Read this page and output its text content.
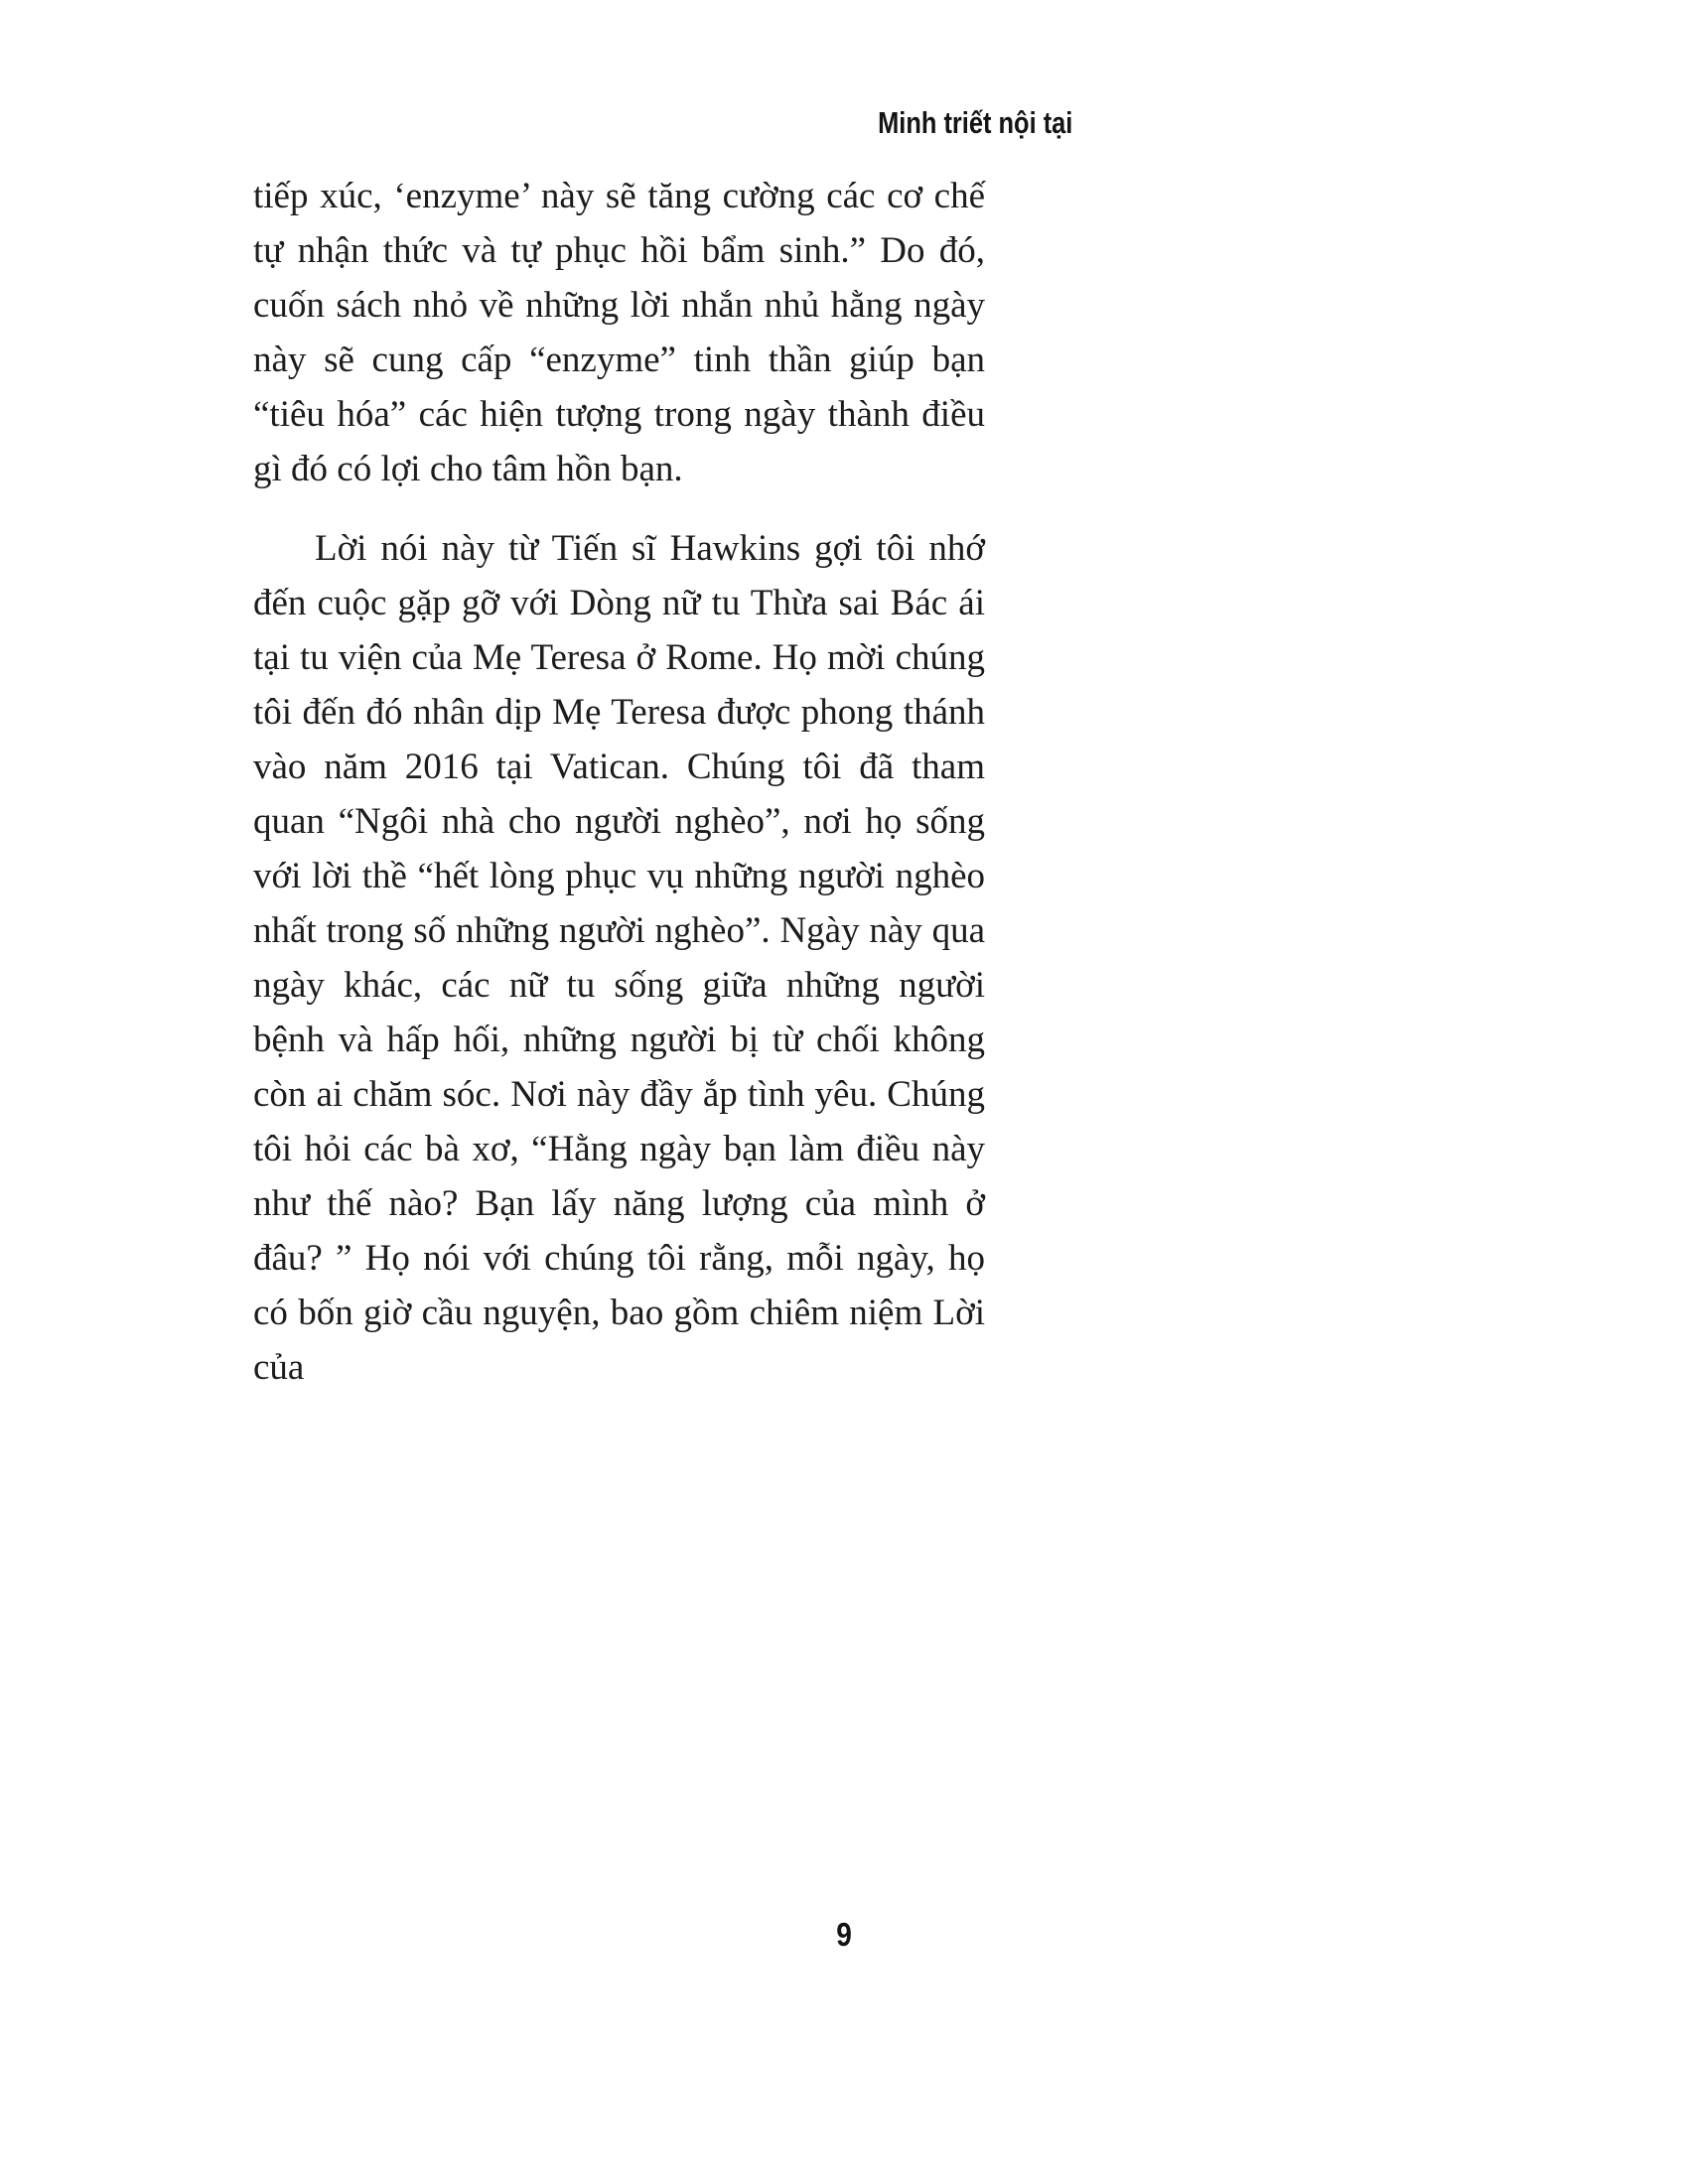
Minh triết nội tại

tiếp xúc, ‘enzyme’ này sẽ tăng cường các cơ chế tự nhận thức và tự phục hồi bẩm sinh.” Do đó, cuốn sách nhỏ về những lời nhắn nhủ hằng ngày này sẽ cung cấp “enzyme” tinh thần giúp bạn “tiêu hóa” các hiện tượng trong ngày thành điều gì đó có lợi cho tâm hồn bạn.

Lời nói này từ Tiến sĩ Hawkins gợi tôi nhớ đến cuộc gặp gỡ với Dòng nữ tu Thừa sai Bác ái tại tu viện của Mẹ Teresa ở Rome. Họ mời chúng tôi đến đó nhân dịp Mẹ Teresa được phong thánh vào năm 2016 tại Vatican. Chúng tôi đã tham quan “Ngôi nhà cho người nghèo”, nơi họ sống với lời thề “hết lòng phục vụ những người nghèo nhất trong số những người nghèo”. Ngày này qua ngày khác, các nữ tu sống giữa những người bệnh và hấp hối, những người bị từ chối không còn ai chăm sóc. Nơi này đầy ắp tình yêu. Chúng tôi hỏi các bà xơ, “Hằng ngày bạn làm điều này như thế nào? Bạn lấy năng lượng của mình ở đâu? ” Họ nói với chúng tôi rằng, mỗi ngày, họ có bốn giờ cầu nguyện, bao gồm chiêm niệm Lời của

9
